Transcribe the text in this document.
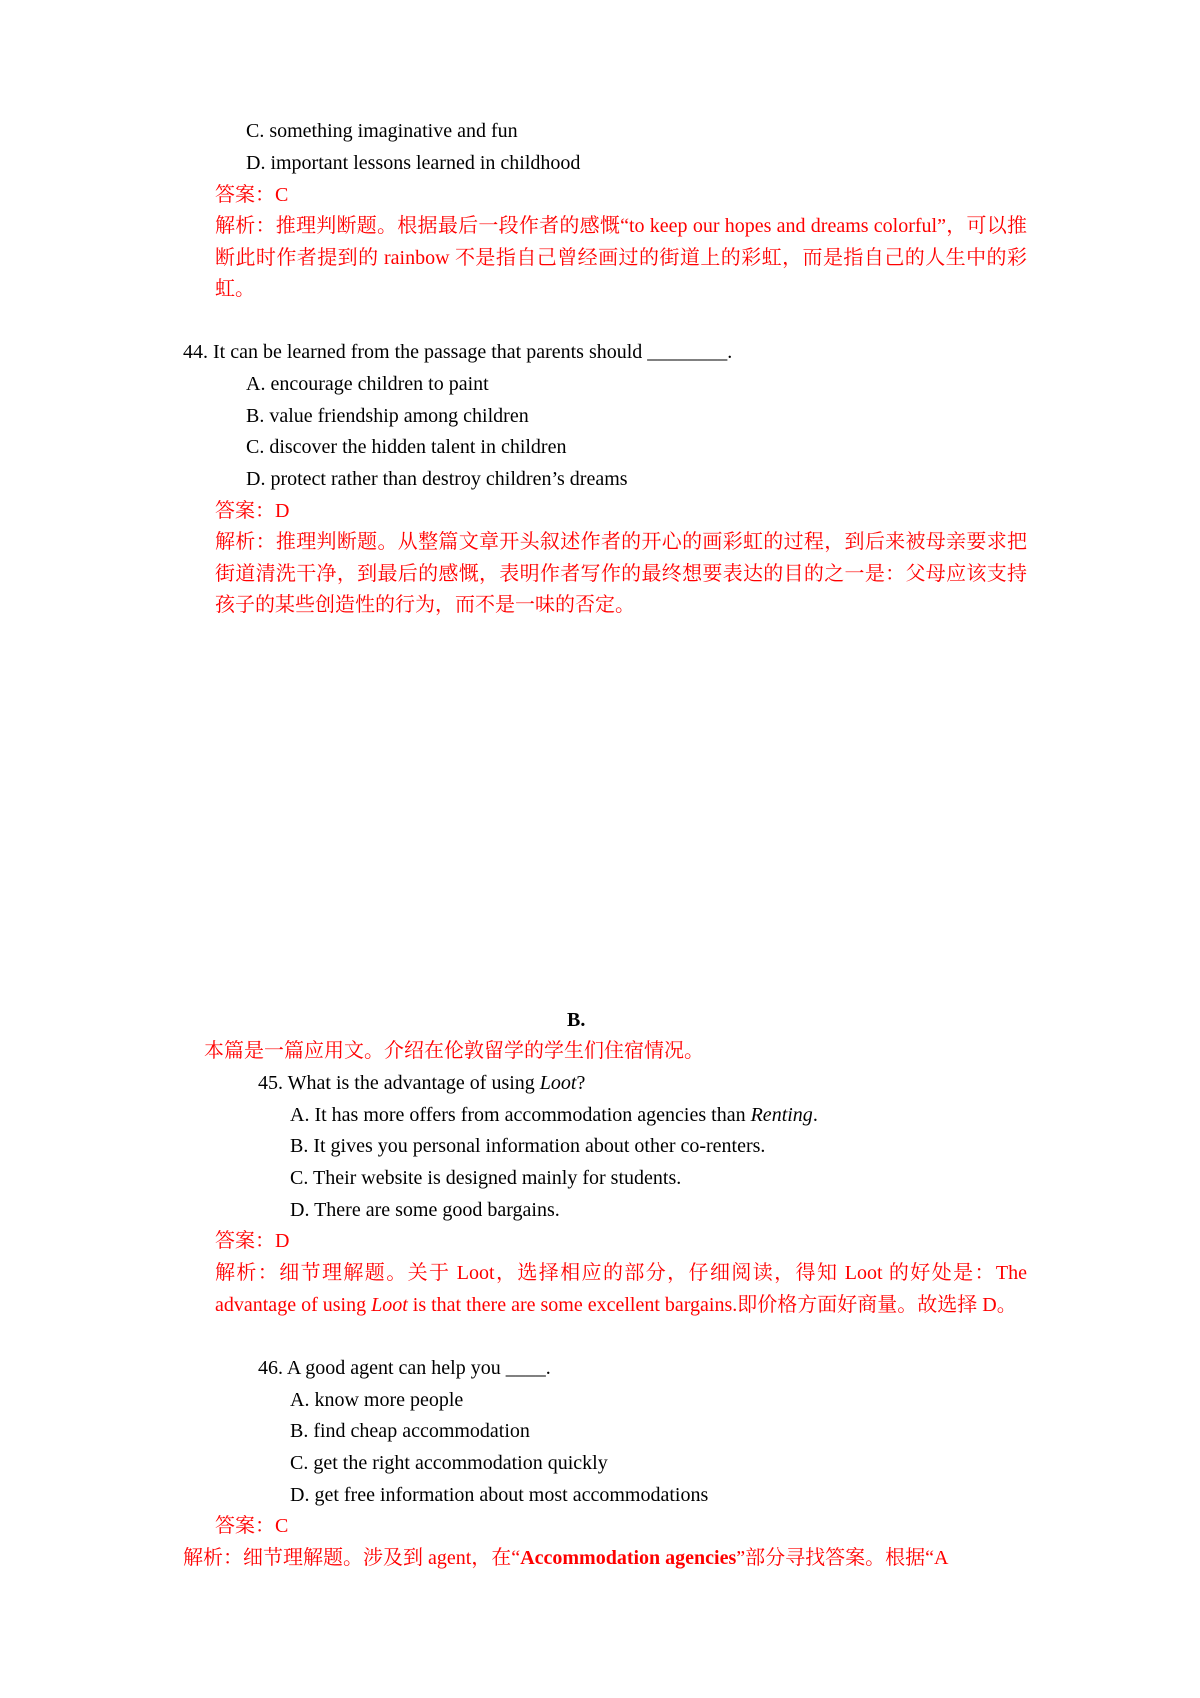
C. something imaginative and fun
D. important lessons learned in childhood
答案：C
解析：推理判断题。根据最后一段作者的感慨“to keep our hopes and dreams colorful”，可以推断此时作者提到的 rainbow 不是指自己曾经画过的街道上的彩虹，而是指自己的人生中的彩虹。
44. It can be learned from the passage that parents should ________.
A. encourage children to paint
B. value friendship among children
C. discover the hidden talent in children
D. protect rather than destroy children’s dreams
答案：D
解析：推理判断题。从整篇文章开头叙述作者的开心的画彩虹的过程，到后来被母亲要求把街道清洗干净，到最后的感慨，表明作者写作的最终想要表达的目的之一是：父母应该支持孩子的某些创造性的行为，而不是一味的否定。
B.
本篇是一篇应用文。介绍在伦敦留学的学生们住宿情况。
45. What is the advantage of using Loot?
A. It has more offers from accommodation agencies than Renting.
B. It gives you personal information about other co-renters.
C. Their website is designed mainly for students.
D. There are some good bargains.
答案：D
解析：细节理解题。关于 Loot，选择相应的部分，仔细阅读，得知 Loot 的好处是：The advantage of using Loot is that there are some excellent bargains.即价格方面好商量。故选择 D。
46. A good agent can help you ____.
A. know more people
B. find cheap accommodation
C. get the right accommodation quickly
D. get free information about most accommodations
答案：C
解析：细节理解题。涉及到 agent，在“Accommodation agencies”部分寻找答案。根据“A
